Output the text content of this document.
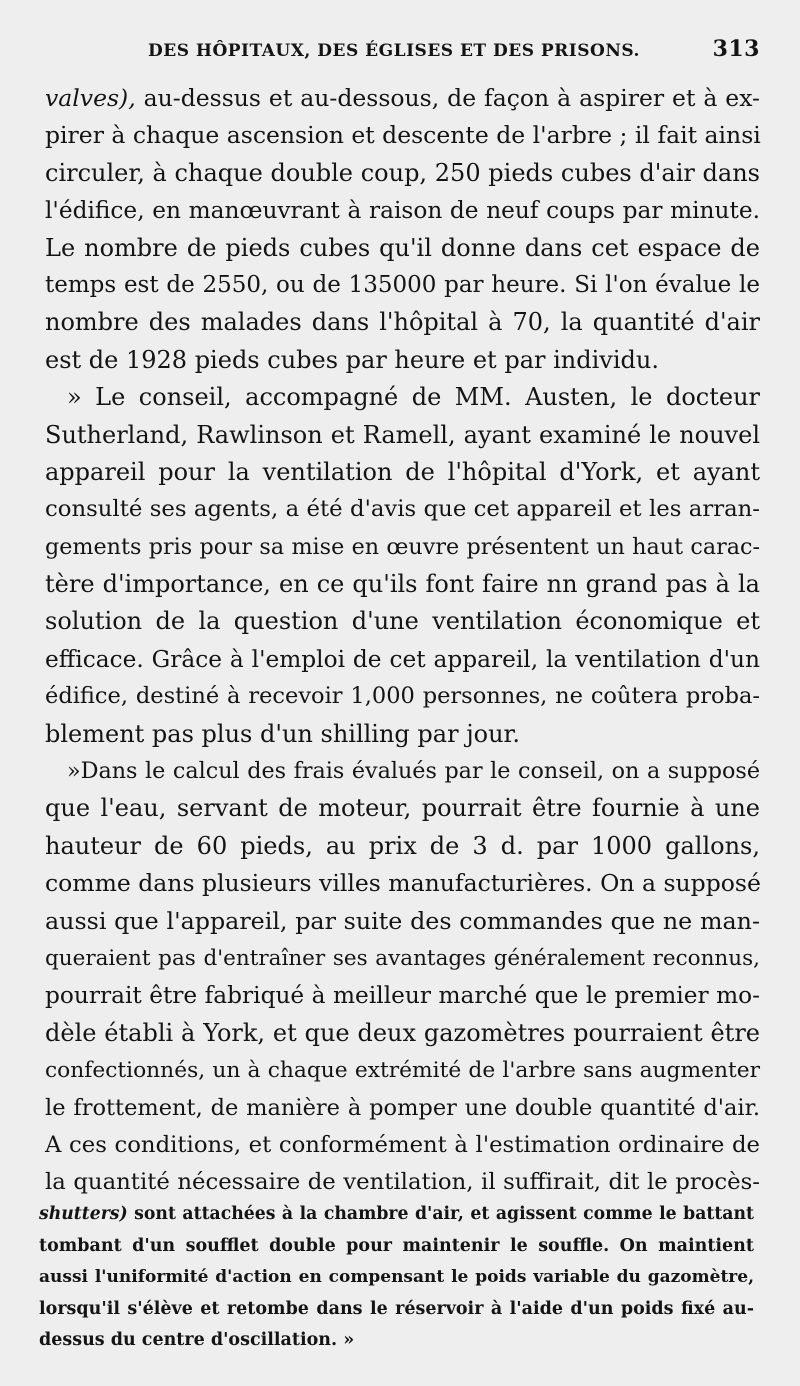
DES HÔPITAUX, DES ÉGLISES ET DES PRISONS.	313
valves), au-dessus et au-dessous, de façon à aspirer et à ex-
pirer à chaque ascension et descente de l'arbre ; il fait ainsi
circuler, à chaque double coup, 250 pieds cubes d'air dans
l'édifice, en manœuvrant à raison de neuf coups par minute.
Le nombre de pieds cubes qu'il donne dans cet espace de
temps est de 2550, ou de 135000 par heure. Si l'on évalue le
nombre des malades dans l'hôpital à 70, la quantité d'air
est de 1928 pieds cubes par heure et par individu.
» Le conseil, accompagné de MM. Austen, le docteur
Sutherland, Rawlinson et Ramell, ayant examiné le nouvel
appareil pour la ventilation de l'hôpital d'York, et ayant
consulté ses agents, a été d'avis que cet appareil et les arran-
gements pris pour sa mise en œuvre présentent un haut carac-
tère d'importance, en ce qu'ils font faire nn grand pas à la
solution de la question d'une ventilation économique et
efficace. Grâce à l'emploi de cet appareil, la ventilation d'un
édifice, destiné à recevoir 1,000 personnes, ne coûtera proba-
blement pas plus d'un shilling par jour.
»Dans le calcul des frais évalués par le conseil, on a supposé
que l'eau, servant de moteur, pourrait être fournie à une
hauteur de 60 pieds, au prix de 3 d. par 1000 gallons,
comme dans plusieurs villes manufacturières. On a supposé
aussi que l'appareil, par suite des commandes que ne man-
queraient pas d'entraîner ses avantages généralement reconnus,
pourrait être fabriqué à meilleur marché que le premier mo-
dèle établi à York, et que deux gazomètres pourraient être
confectionnés, un à chaque extrémité de l'arbre sans augmenter
le frottement, de manière à pomper une double quantité d'air.
A ces conditions, et conformément à l'estimation ordinaire de
la quantité nécessaire de ventilation, il suffirait, dit le procès-
shutters) sont attachées à la chambre d'air, et agissent comme le battant
tombant d'un soufflet double pour maintenir le souffle. On maintient
aussi l'uniformité d'action en compensant le poids variable du gazomètre,
lorsqu'il s'élève et retombe dans le réservoir à l'aide d'un poids fixé au-
dessus du centre d'oscillation. »
